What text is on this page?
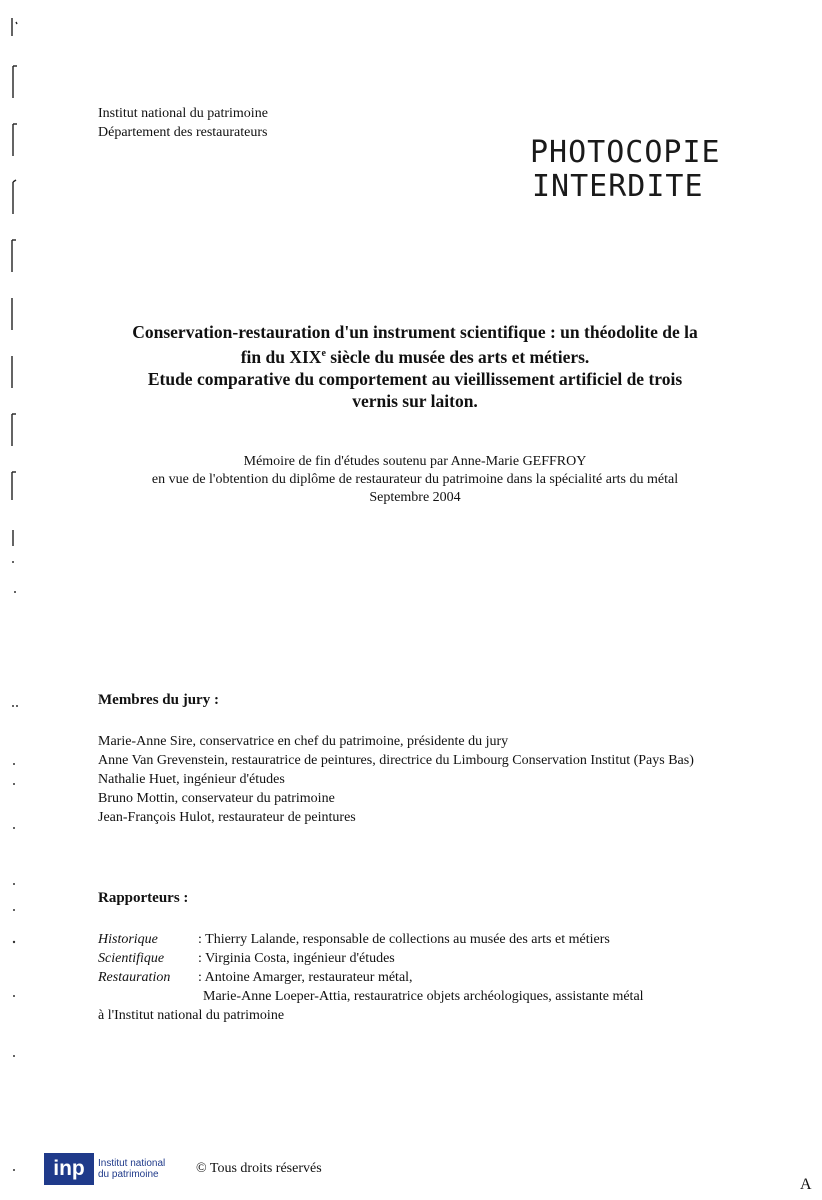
Institut national du patrimoine
Département des restaurateurs
PHOTOCOPIE
INTERDITE
Conservation-restauration d'un instrument scientifique : un théodolite de la
fin du XIXe siècle du musée des arts et métiers.
Etude comparative du comportement au vieillissement artificiel de trois
vernis sur laiton.
Mémoire de fin d'études soutenu par Anne-Marie GEFFROY
en vue de l'obtention du diplôme de restaurateur du patrimoine dans la spécialité arts du métal
Septembre 2004
Membres du jury :
Marie-Anne Sire, conservatrice en chef du patrimoine, présidente du jury
Anne Van Grevenstein, restauratrice de peintures, directrice du Limbourg Conservation Institut (Pays Bas)
Nathalie Huet, ingénieur d'études
Bruno Mottin, conservateur du patrimoine
Jean-François Hulot, restaurateur de peintures
Rapporteurs :
Historique	: Thierry Lalande, responsable de collections au musée des arts et métiers
Scientifique	: Virginia Costa, ingénieur d'études
Restauration	: Antoine Amarger, restaurateur métal,
Marie-Anne Loeper-Attia, restauratrice objets archéologiques, assistante métal
à l'Institut national du patrimoine
inp	Institut national
du patrimoine	© Tous droits réservés
A
